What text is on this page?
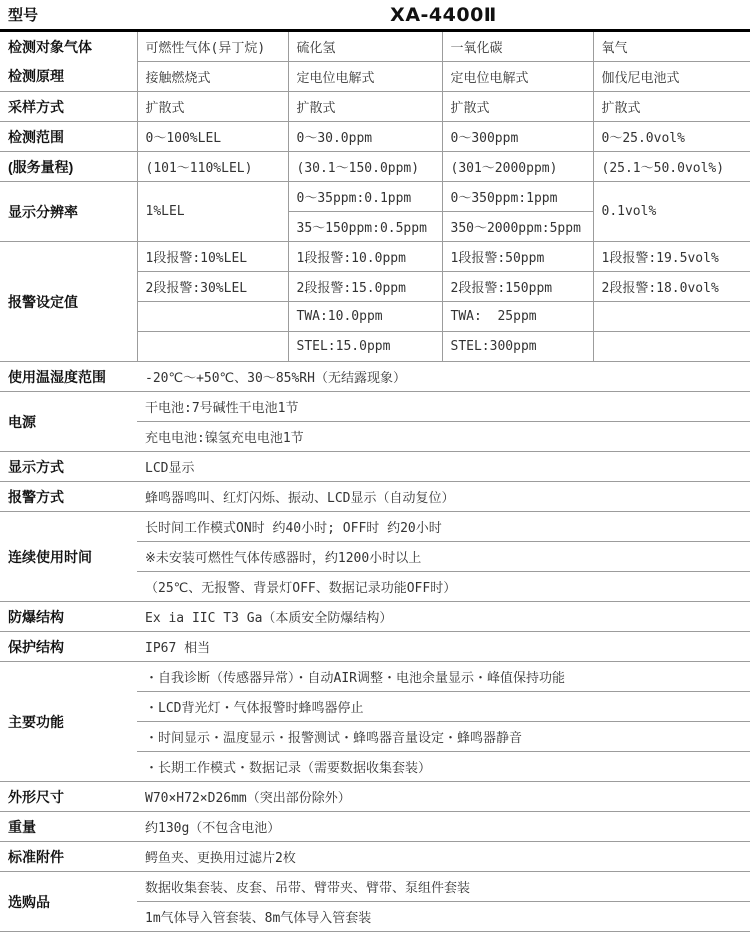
型号	XA-4400Ⅱ
检测对象气体	可燃性气体(异丁烷)	硫化氢	一氧化碳	氧气
检测原理	接触燃烧式	定电位电解式	定电位电解式	伽伐尼电池式
采样方式	扩散式	扩散式	扩散式	扩散式
检测范围	0～100%LEL	0～30.0ppm	0～300ppm	0～25.0vol%
(服务量程)	(101～110%LEL)	(30.1～150.0ppm)	(301～2000ppm)	(25.1～50.0vol%)
显示分辨率	1%LEL	0～35ppm:0.1ppm	0～350ppm:1ppm	0.1vol%
		35～150ppm:0.5ppm	350～2000ppm:5ppm	
报警设定值	1段报警:10%LEL	1段报警:10.0ppm	1段报警:50ppm	1段报警:19.5vol%
	2段报警:30%LEL	2段报警:15.0ppm	2段报警:150ppm	2段报警:18.0vol%
		TWA:10.0ppm	TWA:  25ppm	
		STEL:15.0ppm	STEL:300ppm	
使用温湿度范围	-20℃～+50℃、30～85%RH（无结露现象）
电源	干电池:7号碱性干电池1节
	充电电池:镍氢充电电池1节
显示方式	LCD显示
报警方式	蜂鸣器鸣叫、红灯闪烁、振动、LCD显示（自动复位）
连续使用时间	长时间工作模式ON时 约40小时; OFF时 约20小时
	※未安装可燃性气体传感器时，约1200小时以上
	（25℃、无报警、背景灯OFF、数据记录功能OFF时）
防爆结构	Ex ia IIC T3 Ga（本质安全防爆结构）
保护结构	IP67 相当
主要功能	・自我诊断（传感器异常）・自动AIR调整・电池余量显示・峰值保持功能
	・LCD背光灯・气体报警时蜂鸣器停止
	・时间显示・温度显示・报警测试・蜂鸣器音量设定・蜂鸣器静音
	・长期工作模式・数据记录（需要数据收集套装）
外形尺寸	W70×H72×D26mm（突出部份除外）
重量	约130g（不包含电池）
标准附件	鳄鱼夹、更换用过滤片2枚
选购品	数据收集套装、皮套、吊带、臂带夹、臂带、泵组件套装
	1m气体导入管套装、8m气体导入管套装
